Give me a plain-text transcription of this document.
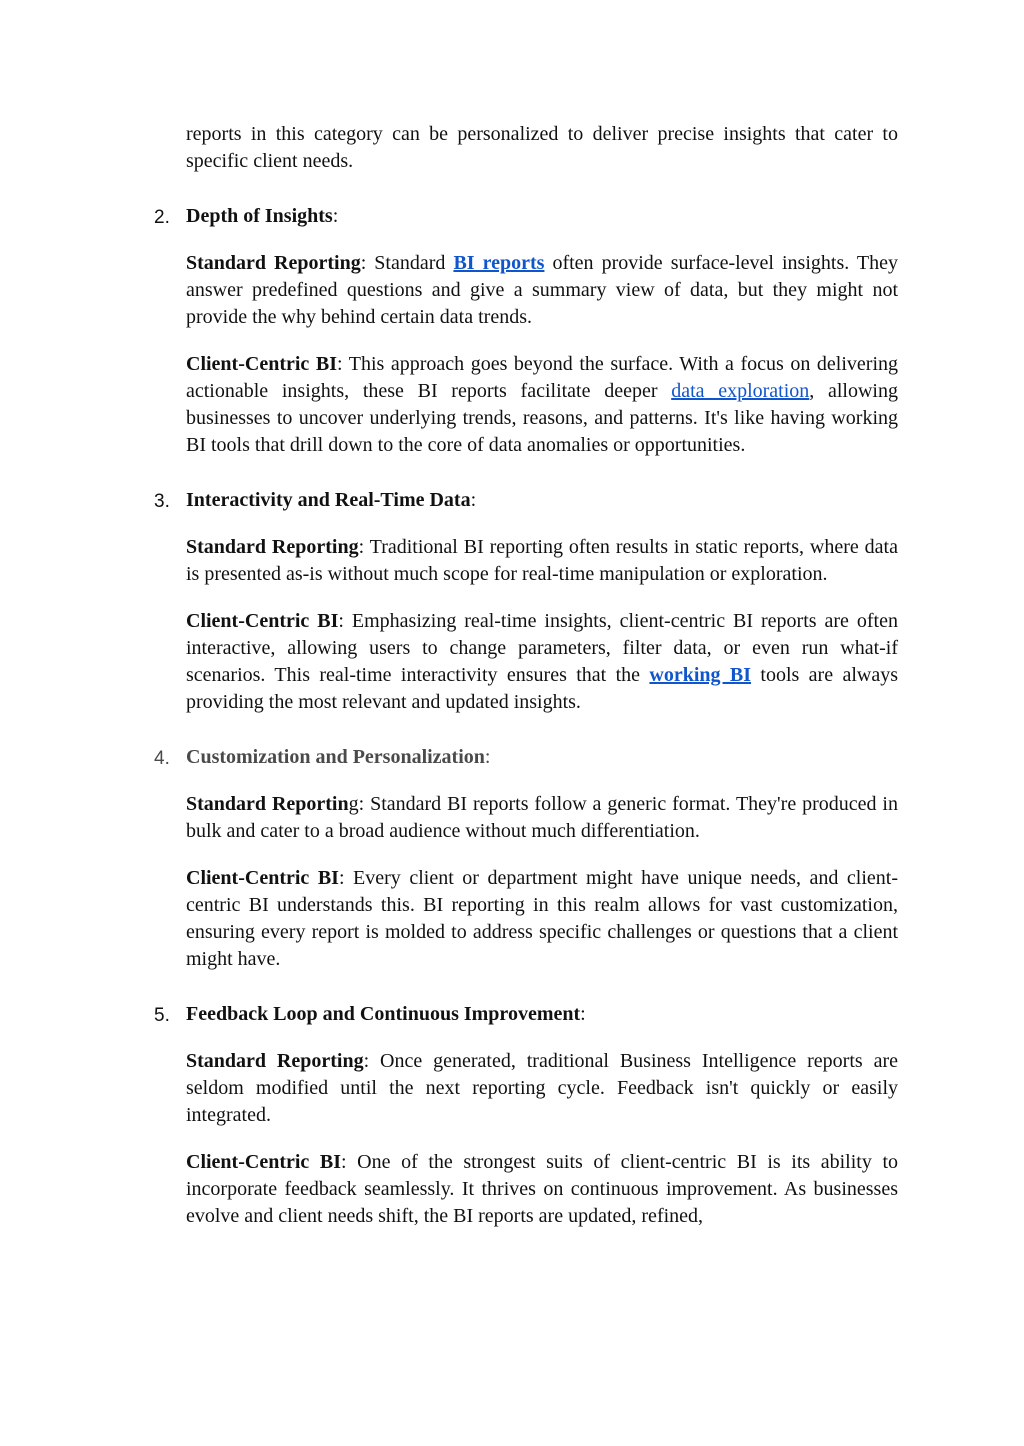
reports in this category can be personalized to deliver precise insights that cater to specific client needs.

2. Depth of Insights:

Standard Reporting: Standard BI reports often provide surface-level insights. They answer predefined questions and give a summary view of data, but they might not provide the why behind certain data trends.

Client-Centric BI: This approach goes beyond the surface. With a focus on delivering actionable insights, these BI reports facilitate deeper data exploration, allowing businesses to uncover underlying trends, reasons, and patterns. It's like having working BI tools that drill down to the core of data anomalies or opportunities.

3. Interactivity and Real-Time Data:

Standard Reporting: Traditional BI reporting often results in static reports, where data is presented as-is without much scope for real-time manipulation or exploration.

Client-Centric BI: Emphasizing real-time insights, client-centric BI reports are often interactive, allowing users to change parameters, filter data, or even run what-if scenarios. This real-time interactivity ensures that the working BI tools are always providing the most relevant and updated insights.

4. Customization and Personalization:

Standard Reporting: Standard BI reports follow a generic format. They're produced in bulk and cater to a broad audience without much differentiation.

Client-Centric BI: Every client or department might have unique needs, and client-centric BI understands this. BI reporting in this realm allows for vast customization, ensuring every report is molded to address specific challenges or questions that a client might have.

5. Feedback Loop and Continuous Improvement:

Standard Reporting: Once generated, traditional Business Intelligence reports are seldom modified until the next reporting cycle. Feedback isn't quickly or easily integrated.

Client-Centric BI: One of the strongest suits of client-centric BI is its ability to incorporate feedback seamlessly. It thrives on continuous improvement. As businesses evolve and client needs shift, the BI reports are updated, refined,
